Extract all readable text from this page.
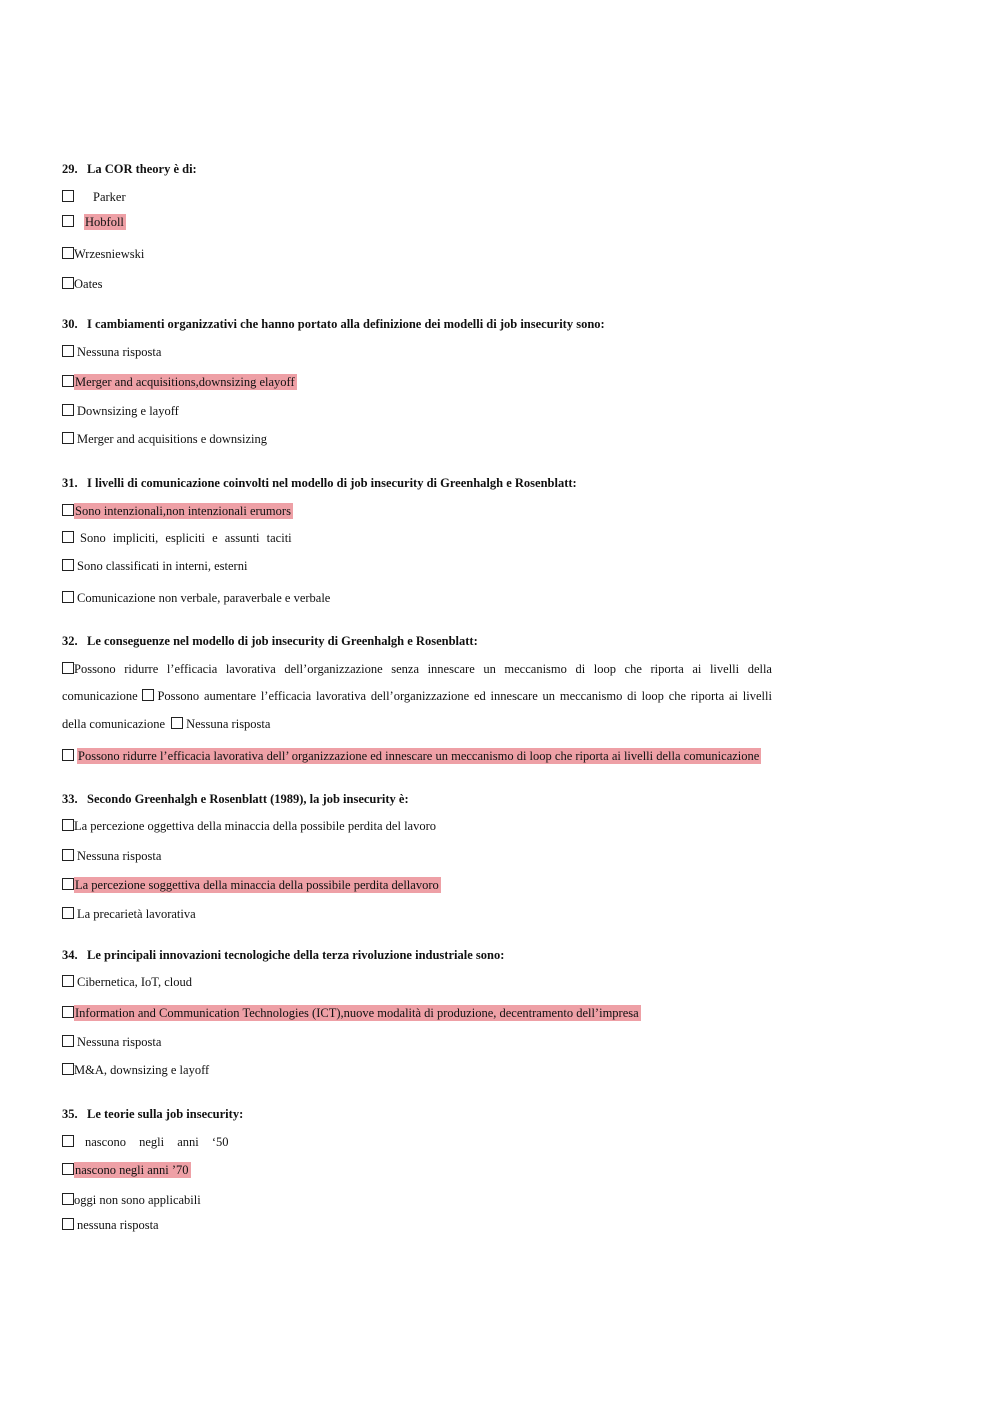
29. La COR theory è di:
Parker
Hobfoll
Wrzesniewski
Oates
30. I cambiamenti organizzativi che hanno portato alla definizione dei modelli di job insecurity sono:
Nessuna risposta
Merger and acquisitions,downsizing elayoff
Downsizing e layoff
Merger and acquisitions e downsizing
31. I livelli di comunicazione coinvolti nel modello di job insecurity di Greenhalgh e Rosenblatt:
Sono intenzionali,non intenzionali erumors
Sono impliciti, espliciti e assunti taciti
Sono classificati in interni, esterni
Comunicazione non verbale, paraverbale e verbale
32. Le conseguenze nel modello di job insecurity di Greenhalgh e Rosenblatt:
Possono ridurre l’efficacia lavorativa dell’organizzazione senza innescare un meccanismo di loop che riporta ai livelli della
comunicazione	Possono aumentare l’efficacia lavorativa dell’organizzazione ed innescare un meccanismo di loop che riporta ai livelli
della comunicazione Nessuna risposta
Possono ridurre l’efficacia lavorativa dell’ organizzazione ed innescare un meccanismo di loop che riporta ai livelli della comunicazione
33. Secondo Greenhalgh e Rosenblatt (1989), la job insecurity è:
La percezione oggettiva della minaccia della possibile perdita del lavoro
Nessuna risposta
La percezione soggettiva della minaccia della possibile perdita dellavoro
La precarietà lavorativa
34. Le principali innovazioni tecnologiche della terza rivoluzione industriale sono:
Cibernetica, IoT, cloud
Information and Communication Technologies (ICT),nuove modalità di produzione, decentramento dell’impresa
Nessuna risposta
M&A, downsizing e layoff
35. Le teorie sulla job insecurity:
nascono negli anni ‘50
nascono negli anni ’70
oggi non sono applicabili
nessuna risposta
